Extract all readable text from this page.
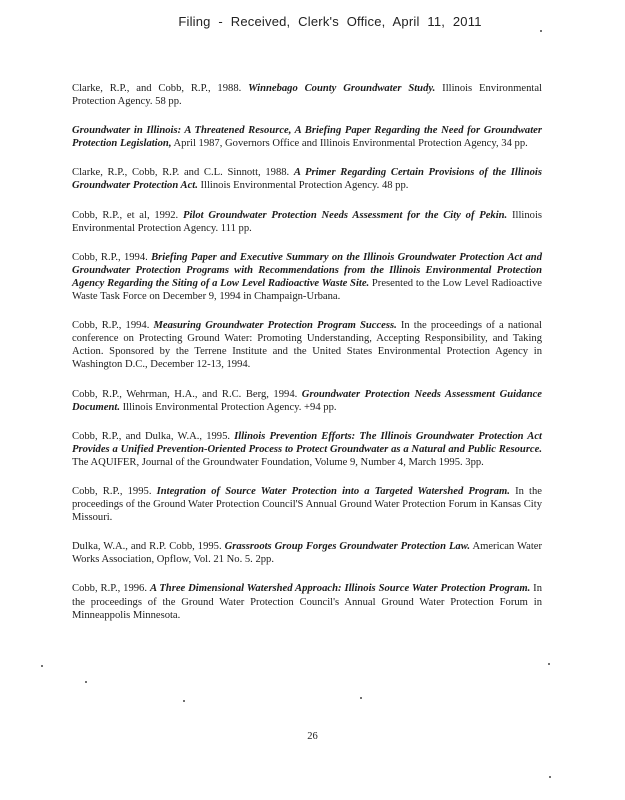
Filing - Received, Clerk's Office, April 11, 2011

Clarke, R.P., and Cobb, R.P., 1988. Winnebago County Groundwater Study. Illinois Environmental Protection Agency. 58 pp.

Groundwater in Illinois: A Threatened Resource, A Briefing Paper Regarding the Need for Groundwater Protection Legislation, April 1987, Governors Office and Illinois Environmental Protection Agency, 34 pp.

Clarke, R.P., Cobb, R.P. and C.L. Sinnott, 1988. A Primer Regarding Certain Provisions of the Illinois Groundwater Protection Act. Illinois Environmental Protection Agency. 48 pp.

Cobb, R.P., et al, 1992. Pilot Groundwater Protection Needs Assessment for the City of Pekin. Illinois Environmental Protection Agency. 111 pp.

Cobb, R.P., 1994. Briefing Paper and Executive Summary on the Illinois Groundwater Protection Act and Groundwater Protection Programs with Recommendations from the Illinois Environmental Protection Agency Regarding the Siting of a Low Level Radioactive Waste Site. Presented to the Low Level Radioactive Waste Task Force on December 9, 1994 in Champaign-Urbana.

Cobb, R.P., 1994. Measuring Groundwater Protection Program Success. In the proceedings of a national conference on Protecting Ground Water: Promoting Understanding, Accepting Responsibility, and Taking Action. Sponsored by the Terrene Institute and the United States Environmental Protection Agency in Washington D.C., December 12-13, 1994.

Cobb, R.P., Wehrman, H.A., and R.C. Berg, 1994. Groundwater Protection Needs Assessment Guidance Document. Illinois Environmental Protection Agency. +94 pp.

Cobb, R.P., and Dulka, W.A., 1995. Illinois Prevention Efforts: The Illinois Groundwater Protection Act Provides a Unified Prevention-Oriented Process to Protect Groundwater as a Natural and Public Resource. The AQUIFER, Journal of the Groundwater Foundation, Volume 9, Number 4, March 1995. 3pp.

Cobb, R.P., 1995. Integration of Source Water Protection into a Targeted Watershed Program. In the proceedings of the Ground Water Protection Council'S Annual Ground Water Protection Forum in Kansas City Missouri.

Dulka, W.A., and R.P. Cobb, 1995. Grassroots Group Forges Groundwater Protection Law. American Water Works Association, Opflow, Vol. 21 No. 5. 2pp.

Cobb, R.P., 1996. A Three Dimensional Watershed Approach: Illinois Source Water Protection Program. In the proceedings of the Ground Water Protection Council's Annual Ground Water Protection Forum in Minneappolis Minnesota.

26
